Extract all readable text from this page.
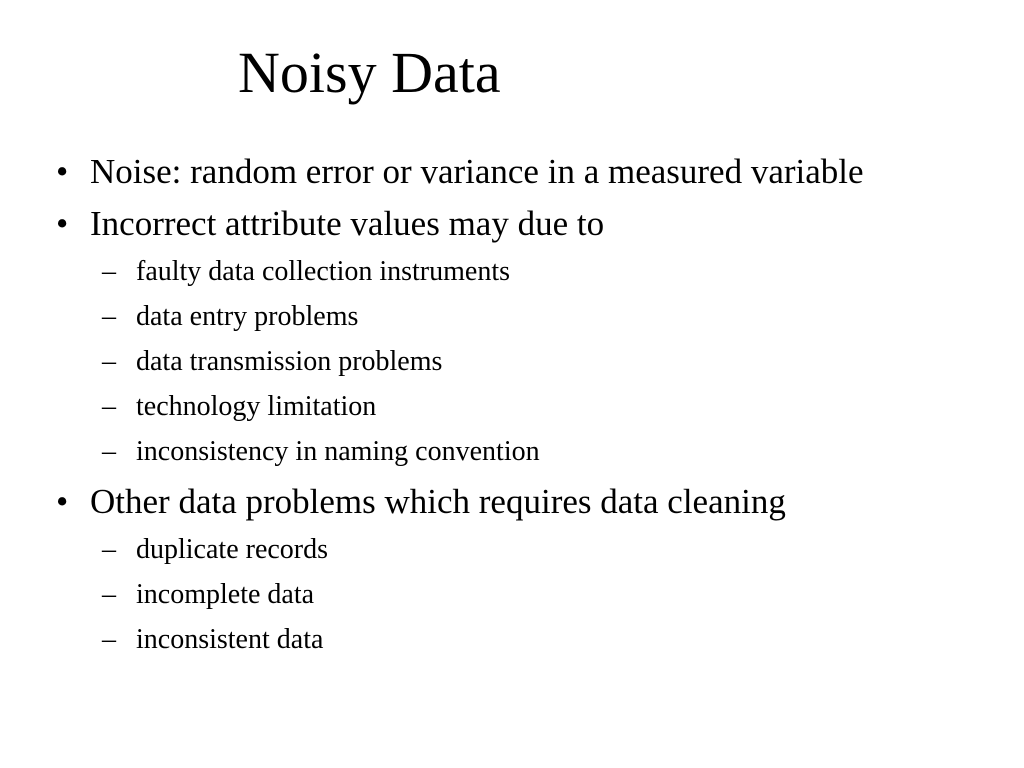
Noisy Data
• Noise: random error or variance in a measured variable
• Incorrect attribute values may due to
– faulty data collection instruments
– data entry problems
– data transmission problems
– technology limitation
– inconsistency in naming convention
• Other data problems which requires data cleaning
– duplicate records
– incomplete data
– inconsistent data
